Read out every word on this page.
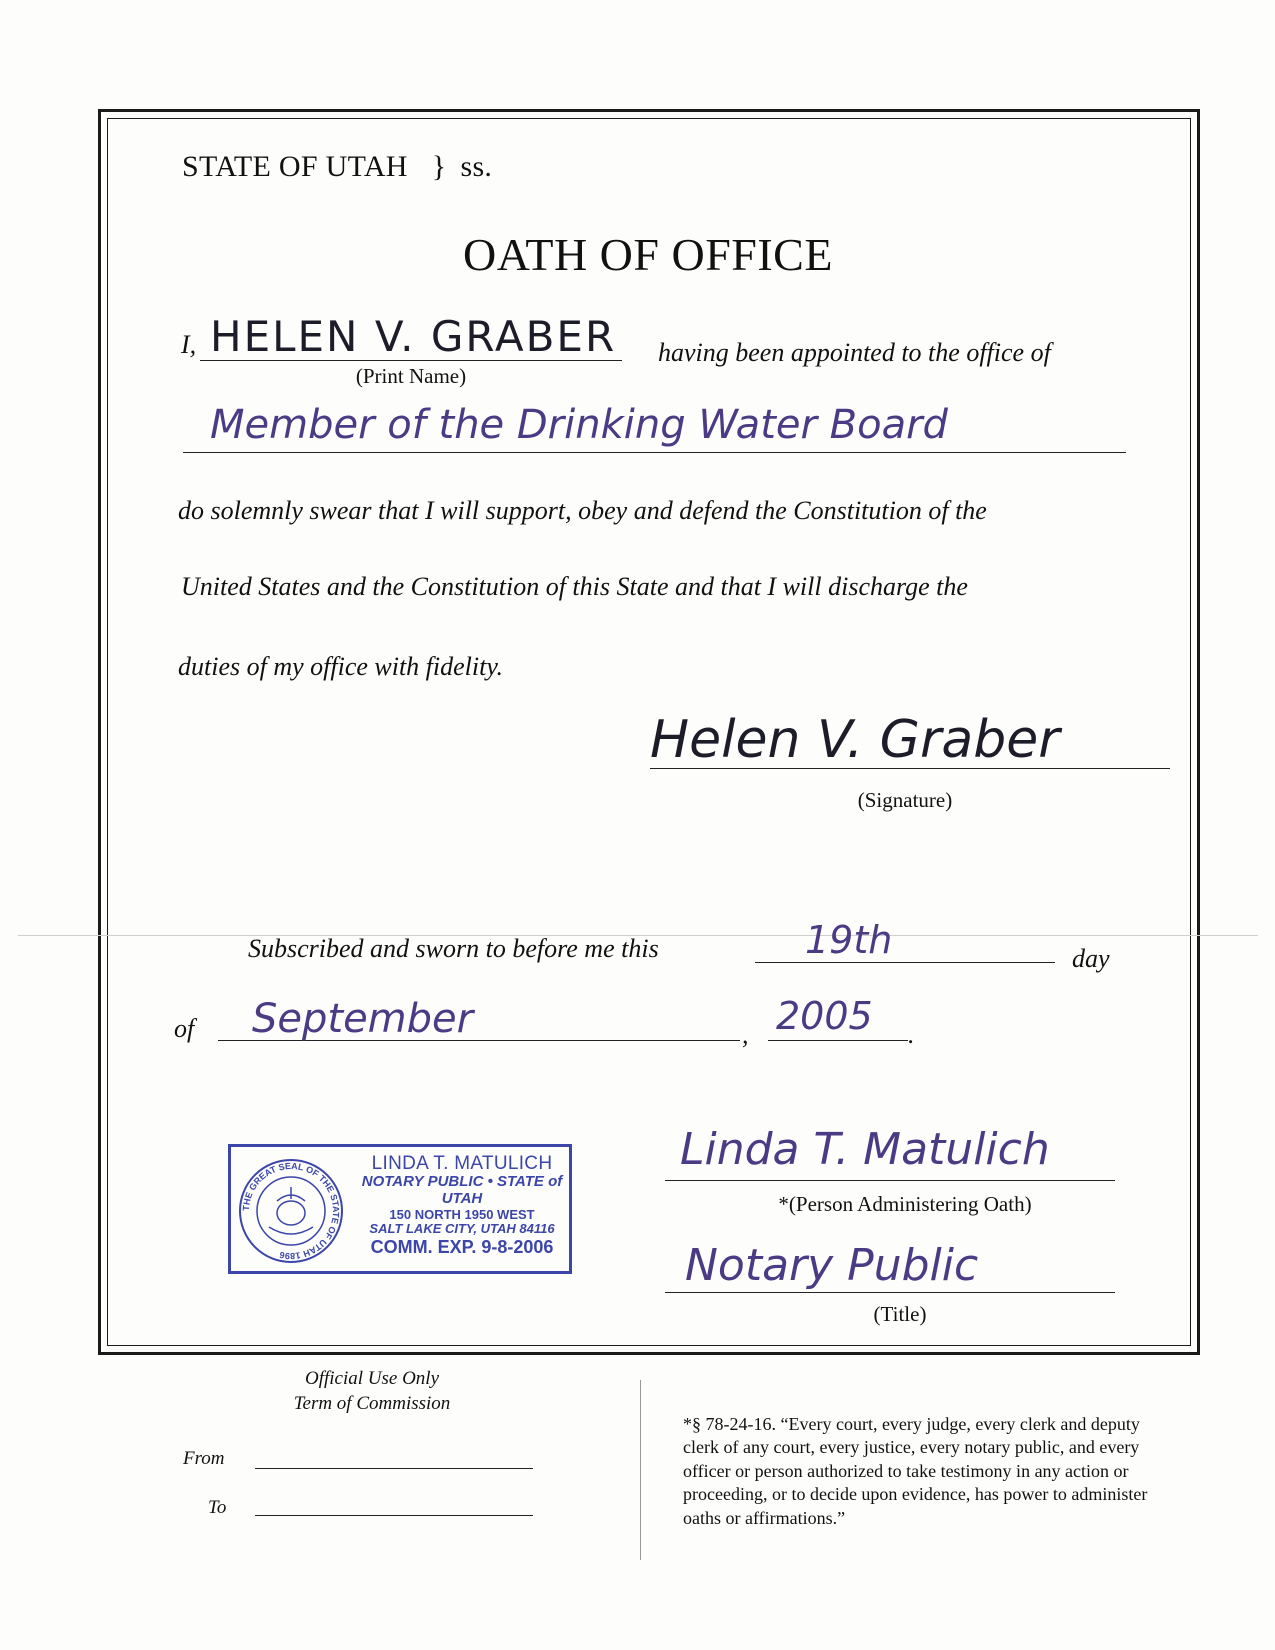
STATE OF UTAH } ss.
OATH OF OFFICE
I, HELEN V. GRABER
(Print Name)
having been appointed to the office of
Member of the Drinking Water Board
do solemnly swear that I will support, obey and defend the Constitution of the
United States and the Constitution of this State and that I will discharge the
duties of my office with fidelity.
Helen V. Graber
(Signature)
Subscribed and sworn to before me this	19th	day
of September	, 2005 .
THE GREAT SEAL OF THE STATE OF UTAH 1896
LINDA T. MATULICH
NOTARY PUBLIC • STATE of UTAH
150 NORTH 1950 WEST
SALT LAKE CITY, UTAH 84116
COMM. EXP. 9-8-2006
Linda T. Matulich
*(Person Administering Oath)
Notary Public
(Title)
Official Use Only
Term of Commission
From
To
*§ 78-24-16. “Every court, every judge, every clerk and deputy clerk of any court, every justice, every notary public, and every officer or person authorized to take testimony in any action or proceeding, or to decide upon evidence, has power to administer oaths or affirmations.”
